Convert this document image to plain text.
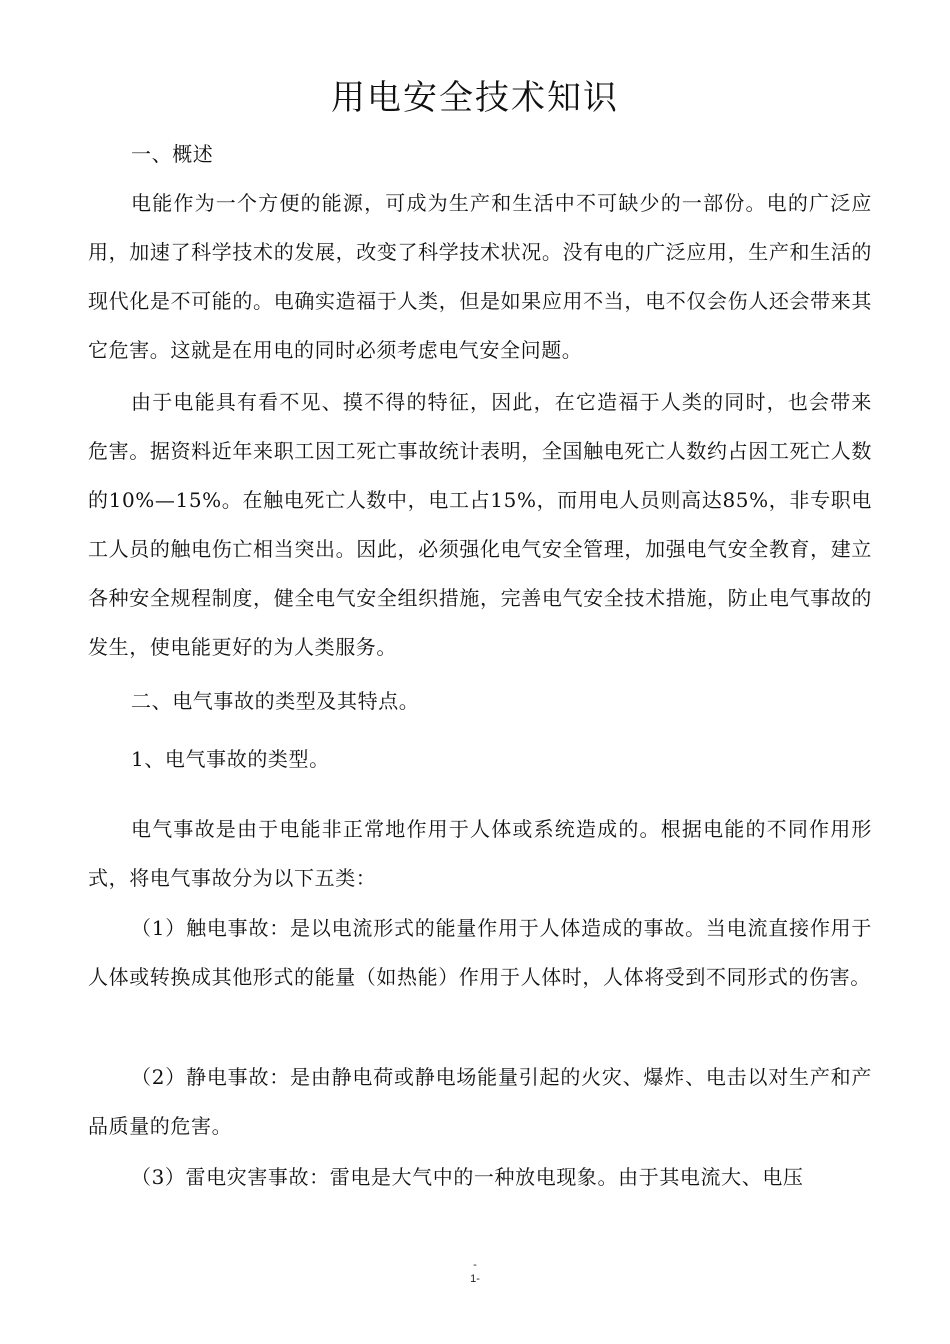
用电安全技术知识

一、概述

电能作为一个方便的能源，可成为生产和生活中不可缺少的一部份。电的广泛应用，加速了科学技术的发展，改变了科学技术状况。没有电的广泛应用，生产和生活的现代化是不可能的。电确实造福于人类，但是如果应用不当，电不仅会伤人还会带来其它危害。这就是在用电的同时必须考虑电气安全问题。

由于电能具有看不见、摸不得的特征，因此，在它造福于人类的同时，也会带来危害。据资料近年来职工因工死亡事故统计表明，全国触电死亡人数约占因工死亡人数的10%—15%。在触电死亡人数中，电工占15%，而用电人员则高达85%，非专职电工人员的触电伤亡相当突出。因此，必须强化电气安全管理，加强电气安全教育，建立各种安全规程制度，健全电气安全组织措施，完善电气安全技术措施，防止电气事故的发生，使电能更好的为人类服务。

二、电气事故的类型及其特点。

1、电气事故的类型。

电气事故是由于电能非正常地作用于人体或系统造成的。根据电能的不同作用形式，将电气事故分为以下五类：

（1）触电事故：是以电流形式的能量作用于人体造成的事故。当电流直接作用于人体或转换成其他形式的能量（如热能）作用于人体时，人体将受到不同形式的伤害。

（2）静电事故：是由静电荷或静电场能量引起的火灾、爆炸、电击以对生产和产品质量的危害。

（3）雷电灾害事故：雷电是大气中的一种放电现象。由于其电流大、电压

-
1-
